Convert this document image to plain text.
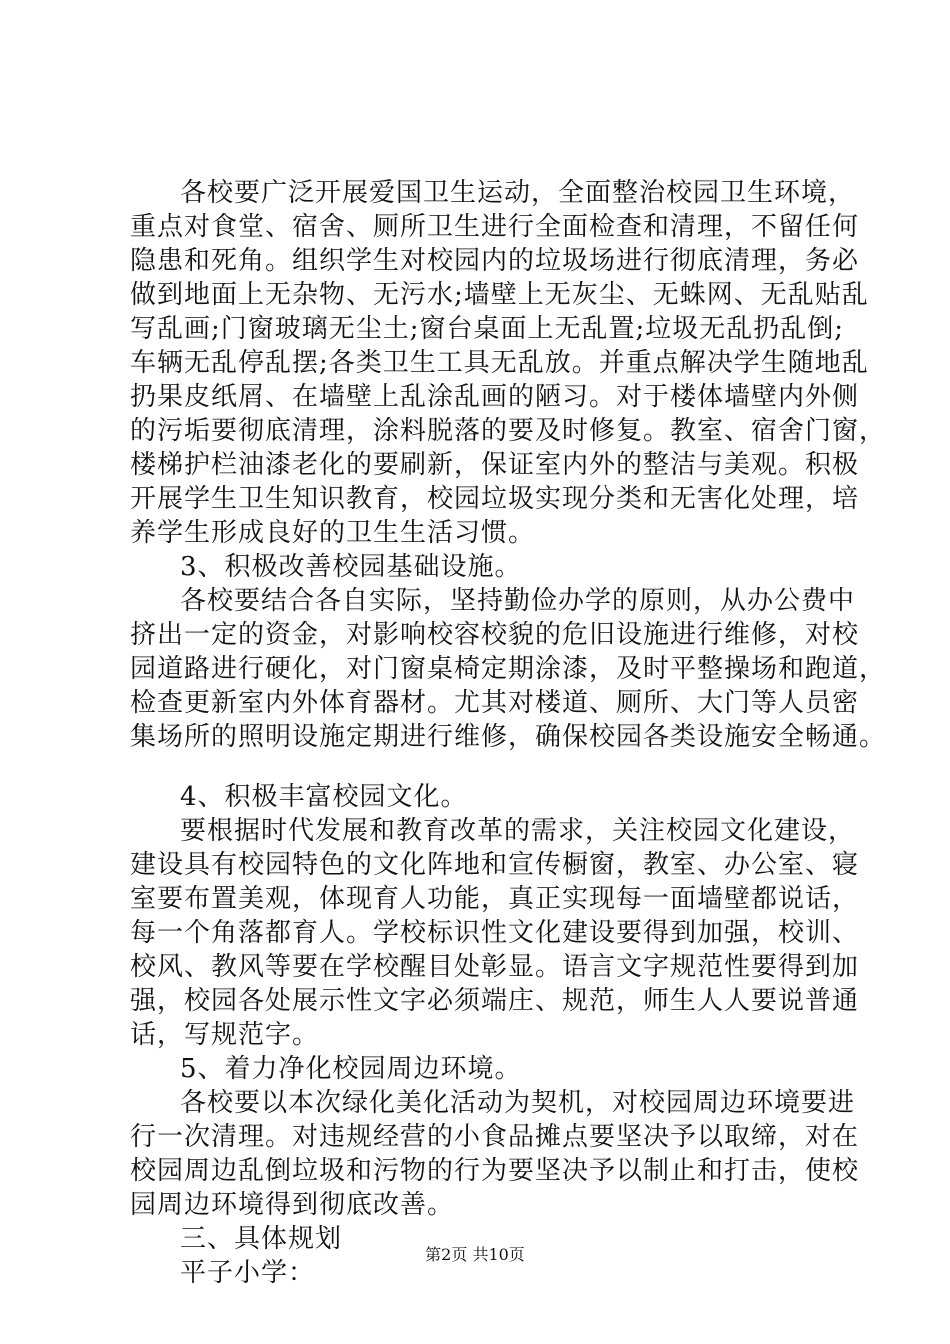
各校要广泛开展爱国卫生运动，全面整治校园卫生环境，
重点对食堂、宿舍、厕所卫生进行全面检查和清理，不留任何
隐患和死角。组织学生对校园内的垃圾场进行彻底清理，务必
做到地面上无杂物、无污水;墙壁上无灰尘、无蛛网、无乱贴乱
写乱画;门窗玻璃无尘土;窗台桌面上无乱置;垃圾无乱扔乱倒;
车辆无乱停乱摆;各类卫生工具无乱放。并重点解决学生随地乱
扔果皮纸屑、在墙壁上乱涂乱画的陋习。对于楼体墙壁内外侧
的污垢要彻底清理，涂料脱落的要及时修复。教室、宿舍门窗，
楼梯护栏油漆老化的要刷新，保证室内外的整洁与美观。积极
开展学生卫生知识教育，校园垃圾实现分类和无害化处理，培
养学生形成良好的卫生生活习惯。
3、积极改善校园基础设施。
各校要结合各自实际，坚持勤俭办学的原则，从办公费中
挤出一定的资金，对影响校容校貌的危旧设施进行维修，对校
园道路进行硬化，对门窗桌椅定期涂漆，及时平整操场和跑道，
检查更新室内外体育器材。尤其对楼道、厕所、大门等人员密
集场所的照明设施定期进行维修，确保校园各类设施安全畅通。
4、积极丰富校园文化。
要根据时代发展和教育改革的需求，关注校园文化建设，
建设具有校园特色的文化阵地和宣传橱窗，教室、办公室、寝
室要布置美观，体现育人功能，真正实现每一面墙壁都说话，
每一个角落都育人。学校标识性文化建设要得到加强，校训、
校风、教风等要在学校醒目处彰显。语言文字规范性要得到加
强，校园各处展示性文字必须端庄、规范，师生人人要说普通
话，写规范字。
5、着力净化校园周边环境。
各校要以本次绿化美化活动为契机，对校园周边环境要进
行一次清理。对违规经营的小食品摊点要坚决予以取缔，对在
校园周边乱倒垃圾和污物的行为要坚决予以制止和打击，使校
园周边环境得到彻底改善。
三、具体规划
平子小学：
第2页 共10页
